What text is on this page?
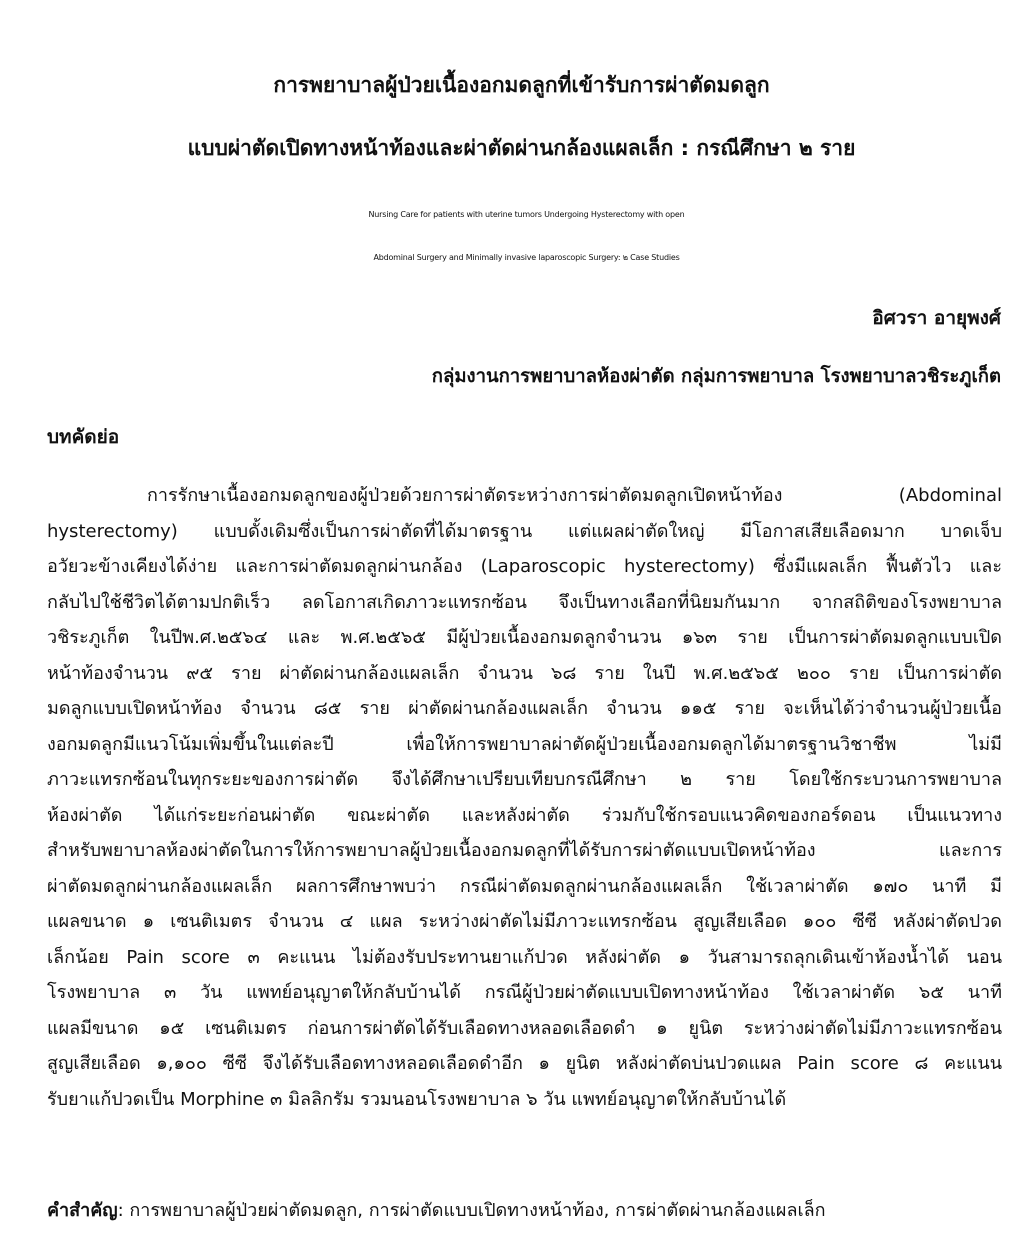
การพยาบาลผู้ป่วยเนื้องอกมดลูกที่เข้ารับการผ่าตัดมดลูก
แบบผ่าตัดเปิดทางหน้าท้องและผ่าตัดผ่านกล้องแผลเล็ก : กรณีศึกษา ๒ ราย
Nursing Care for patients with uterine tumors Undergoing Hysterectomy with open
Abdominal Surgery and Minimally invasive laparoscopic Surgery: ๒ Case Studies
อิศวรา อายุพงศ์
กลุ่มงานการพยาบาลห้องผ่าตัด กลุ่มการพยาบาล โรงพยาบาลวชิระภูเก็ต
บทคัดย่อ
การรักษาเนื้องอกมดลูกของผู้ป่วยด้วยการผ่าตัดระหว่างการผ่าตัดมดลูกเปิดหน้าท้อง (Abdominal
hysterectomy) แบบดั้งเดิมซึ่งเป็นการผ่าตัดที่ได้มาตรฐาน แต่แผลผ่าตัดใหญ่ มีโอกาสเสียเลือดมาก บาดเจ็บ
อวัยวะข้างเคียงได้ง่าย และการผ่าตัดมดลูกผ่านกล้อง (Laparoscopic hysterectomy) ซึ่งมีแผลเล็ก ฟื้นตัวไว และ
กลับไปใช้ชีวิตได้ตามปกติเร็ว ลดโอกาสเกิดภาวะแทรกซ้อน จึงเป็นทางเลือกที่นิยมกันมาก จากสถิติของโรงพยาบาล
วชิระภูเก็ต ในปีพ.ศ.๒๕๖๔ และ พ.ศ.๒๕๖๕ มีผู้ป่วยเนื้องอกมดลูกจำนวน ๑๖๓ ราย เป็นการผ่าตัดมดลูกแบบเปิด
หน้าท้องจำนวน ๙๕ ราย ผ่าตัดผ่านกล้องแผลเล็ก จำนวน ๖๘ ราย ในปี พ.ศ.๒๕๖๕ ๒๐๐ ราย เป็นการผ่าตัด
มดลูกแบบเปิดหน้าท้อง จำนวน ๘๕ ราย ผ่าตัดผ่านกล้องแผลเล็ก จำนวน ๑๑๕ ราย จะเห็นได้ว่าจำนวนผู้ป่วยเนื้อ
งอกมดลูกมีแนวโน้มเพิ่มขึ้นในแต่ละปี เพื่อให้การพยาบาลผ่าตัดผู้ป่วยเนื้องอกมดลูกได้มาตรฐานวิชาชีพ ไม่มี
ภาวะแทรกซ้อนในทุกระยะของการผ่าตัด จึงได้ศึกษาเปรียบเทียบกรณีศึกษา ๒ ราย โดยใช้กระบวนการพยาบาล
ห้องผ่าตัด ได้แก่ระยะก่อนผ่าตัด ขณะผ่าตัด และหลังผ่าตัด ร่วมกับใช้กรอบแนวคิดของกอร์ดอน เป็นแนวทาง
สำหรับพยาบาลห้องผ่าตัดในการให้การพยาบาลผู้ป่วยเนื้องอกมดลูกที่ได้รับการผ่าตัดแบบเปิดหน้าท้อง และการ
ผ่าตัดมดลูกผ่านกล้องแผลเล็ก ผลการศึกษาพบว่า กรณีผ่าตัดมดลูกผ่านกล้องแผลเล็ก ใช้เวลาผ่าตัด ๑๗๐ นาที มี
แผลขนาด ๑ เซนติเมตร จำนวน ๔ แผล ระหว่างผ่าตัดไม่มีภาวะแทรกซ้อน สูญเสียเลือด ๑๐๐ ซีซี หลังผ่าตัดปวด
เล็กน้อย Pain score ๓ คะแนน ไม่ต้องรับประทานยาแก้ปวด หลังผ่าตัด ๑ วันสามารถลุกเดินเข้าห้องน้ำได้ นอน
โรงพยาบาล ๓ วัน แพทย์อนุญาตให้กลับบ้านได้ กรณีผู้ป่วยผ่าตัดแบบเปิดทางหน้าท้อง ใช้เวลาผ่าตัด ๖๕ นาที
แผลมีขนาด ๑๕ เซนติเมตร ก่อนการผ่าตัดได้รับเลือดทางหลอดเลือดดำ ๑ ยูนิต ระหว่างผ่าตัดไม่มีภาวะแทรกซ้อน
สูญเสียเลือด ๑,๑๐๐ ซีซี จึงได้รับเลือดทางหลอดเลือดดำอีก ๑ ยูนิต หลังผ่าตัดบ่นปวดแผล Pain score ๘ คะแนน
รับยาแก้ปวดเป็น Morphine ๓ มิลลิกรัม รวมนอนโรงพยาบาล ๖ วัน แพทย์อนุญาตให้กลับบ้านได้
คำสำคัญ: การพยาบาลผู้ป่วยผ่าตัดมดลูก, การผ่าตัดแบบเปิดทางหน้าท้อง, การผ่าตัดผ่านกล้องแผลเล็ก
